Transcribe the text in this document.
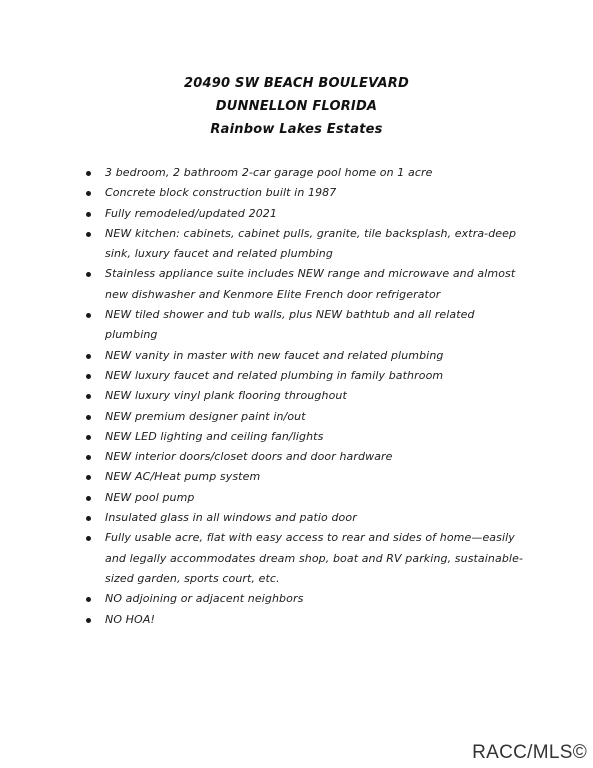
20490 SW BEACH BOULEVARD
DUNNELLON FLORIDA
Rainbow Lakes Estates
3 bedroom, 2 bathroom 2-car garage pool home on 1 acre
Concrete block construction built in 1987
Fully remodeled/updated 2021
NEW kitchen: cabinets, cabinet pulls, granite, tile backsplash, extra-deep sink, luxury faucet and related plumbing
Stainless appliance suite includes NEW range and microwave and almost new dishwasher and Kenmore Elite French door refrigerator
NEW tiled shower and tub walls, plus NEW bathtub and all related plumbing
NEW vanity in master with new faucet and related plumbing
NEW luxury faucet and related plumbing in family bathroom
NEW luxury vinyl plank flooring throughout
NEW premium designer paint in/out
NEW LED lighting and ceiling fan/lights
NEW interior doors/closet doors and door hardware
NEW AC/Heat pump system
NEW pool pump
Insulated glass in all windows and patio door
Fully usable acre, flat with easy access to rear and sides of home—easily and legally accommodates dream shop, boat and RV parking, sustainable-sized garden, sports court, etc.
NO adjoining or adjacent neighbors
NO HOA!
RACC/MLS©
